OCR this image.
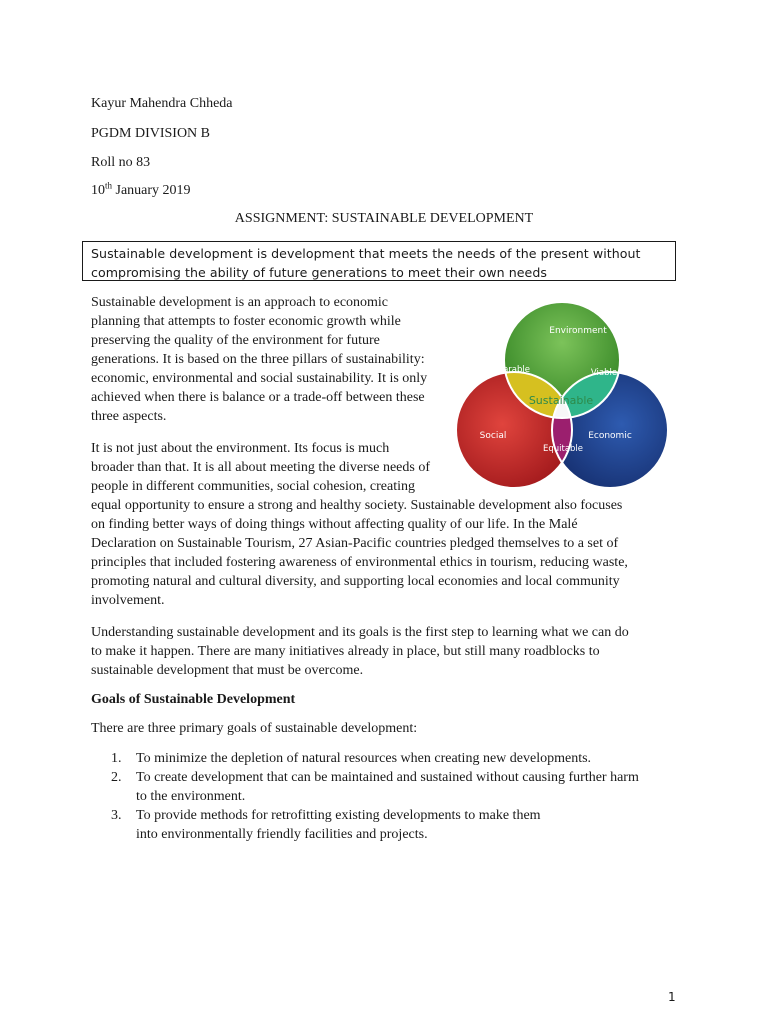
Kayur Mahendra Chheda
PGDM DIVISION B
Roll no 83
10th January 2019
ASSIGNMENT: SUSTAINABLE DEVELOPMENT
Sustainable development is development that meets the needs of the present without
compromising the ability of future generations to meet their own needs
Sustainable development is an approach to economic
planning that attempts to foster economic growth while
preserving the quality of the environment for future
generations. It is based on the three pillars of sustainability:
economic, environmental and social sustainability. It is only
achieved when there is balance or a trade-off between these
three aspects.
It is not just about the environment. Its focus is much
broader than that. It is all about meeting the diverse needs of
people in different communities, social cohesion, creating
equal opportunity to ensure a strong and healthy society. Sustainable development also focuses
on finding better ways of doing things without affecting quality of our life. In the Malé
Declaration on Sustainable Tourism, 27 Asian-Pacific countries pledged themselves to a set of
principles that included fostering awareness of environmental ethics in tourism, reducing waste,
promoting natural and cultural diversity, and supporting local economies and local community
involvement.
Understanding sustainable development and its goals is the first step to learning what we can do
to make it happen. There are many initiatives already in place, but still many roadblocks to
sustainable development that must be overcome.
Goals of Sustainable Development
There are three primary goals of sustainable development:
1. To minimize the depletion of natural resources when creating new developments.
2. To create development that can be maintained and sustained without causing further harm
to the environment.
3. To provide methods for retrofitting existing developments to make them
into environmentally friendly facilities and projects.
Environment
Bearable	Viable
Sustainable
Social	Economic
Equitable
1
